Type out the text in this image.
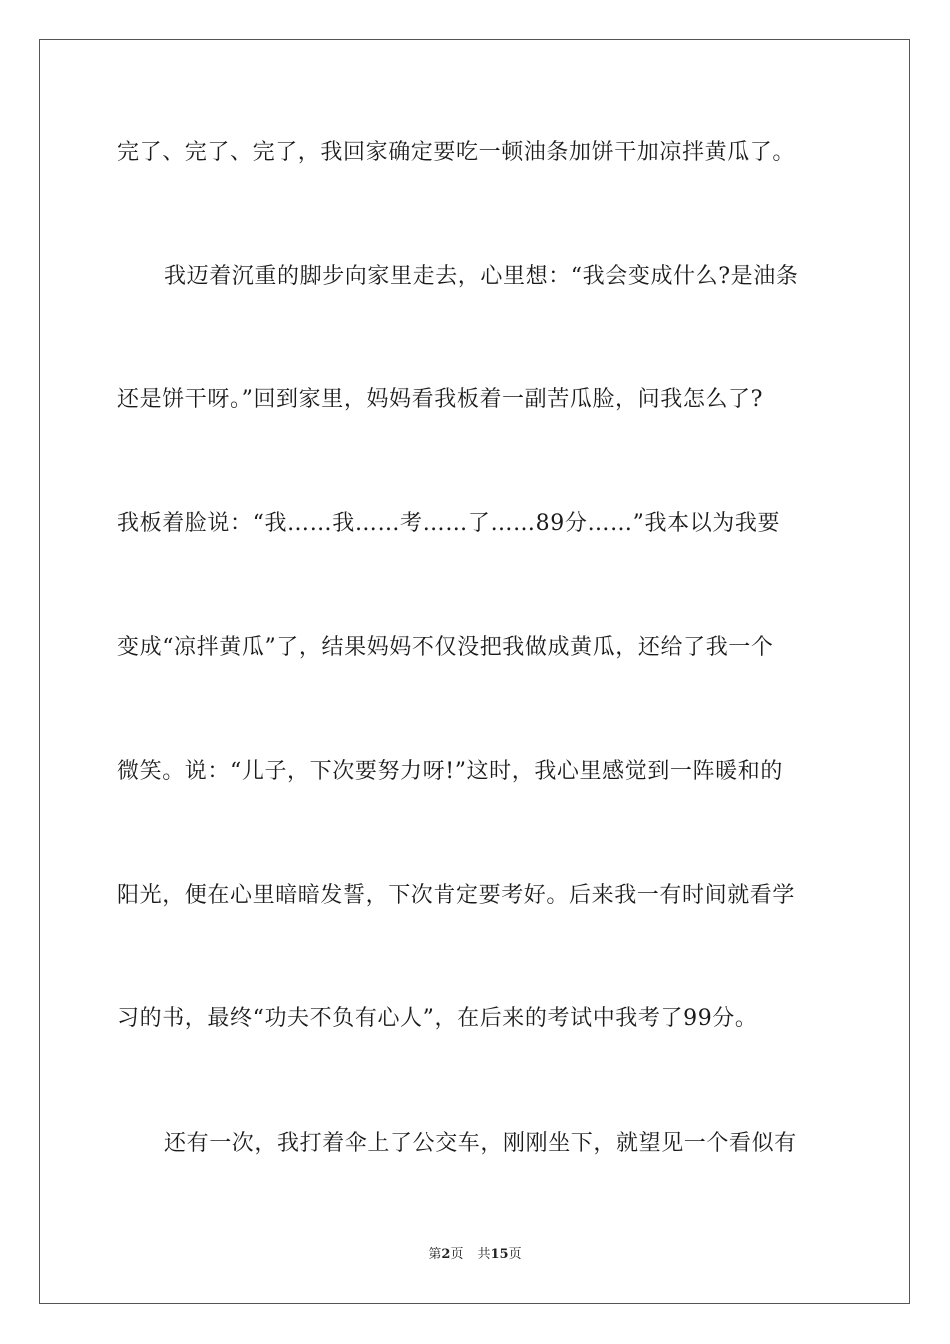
完了、完了、完了，我回家确定要吃一顿油条加饼干加凉拌黄瓜了。
我迈着沉重的脚步向家里走去，心里想：“我会变成什么?是油条
还是饼干呀。”回到家里，妈妈看我板着一副苦瓜脸，问我怎么了?
我板着脸说：“我……我……考……了……89分……”我本以为我要
变成“凉拌黄瓜”了，结果妈妈不仅没把我做成黄瓜，还给了我一个
微笑。说：“儿子，下次要努力呀!”这时，我心里感觉到一阵暖和的
阳光，便在心里暗暗发誓，下次肯定要考好。后来我一有时间就看学
习的书，最终“功夫不负有心人”，在后来的考试中我考了99分。
还有一次，我打着伞上了公交车，刚刚坐下，就望见一个看似有
第2页 共15页
